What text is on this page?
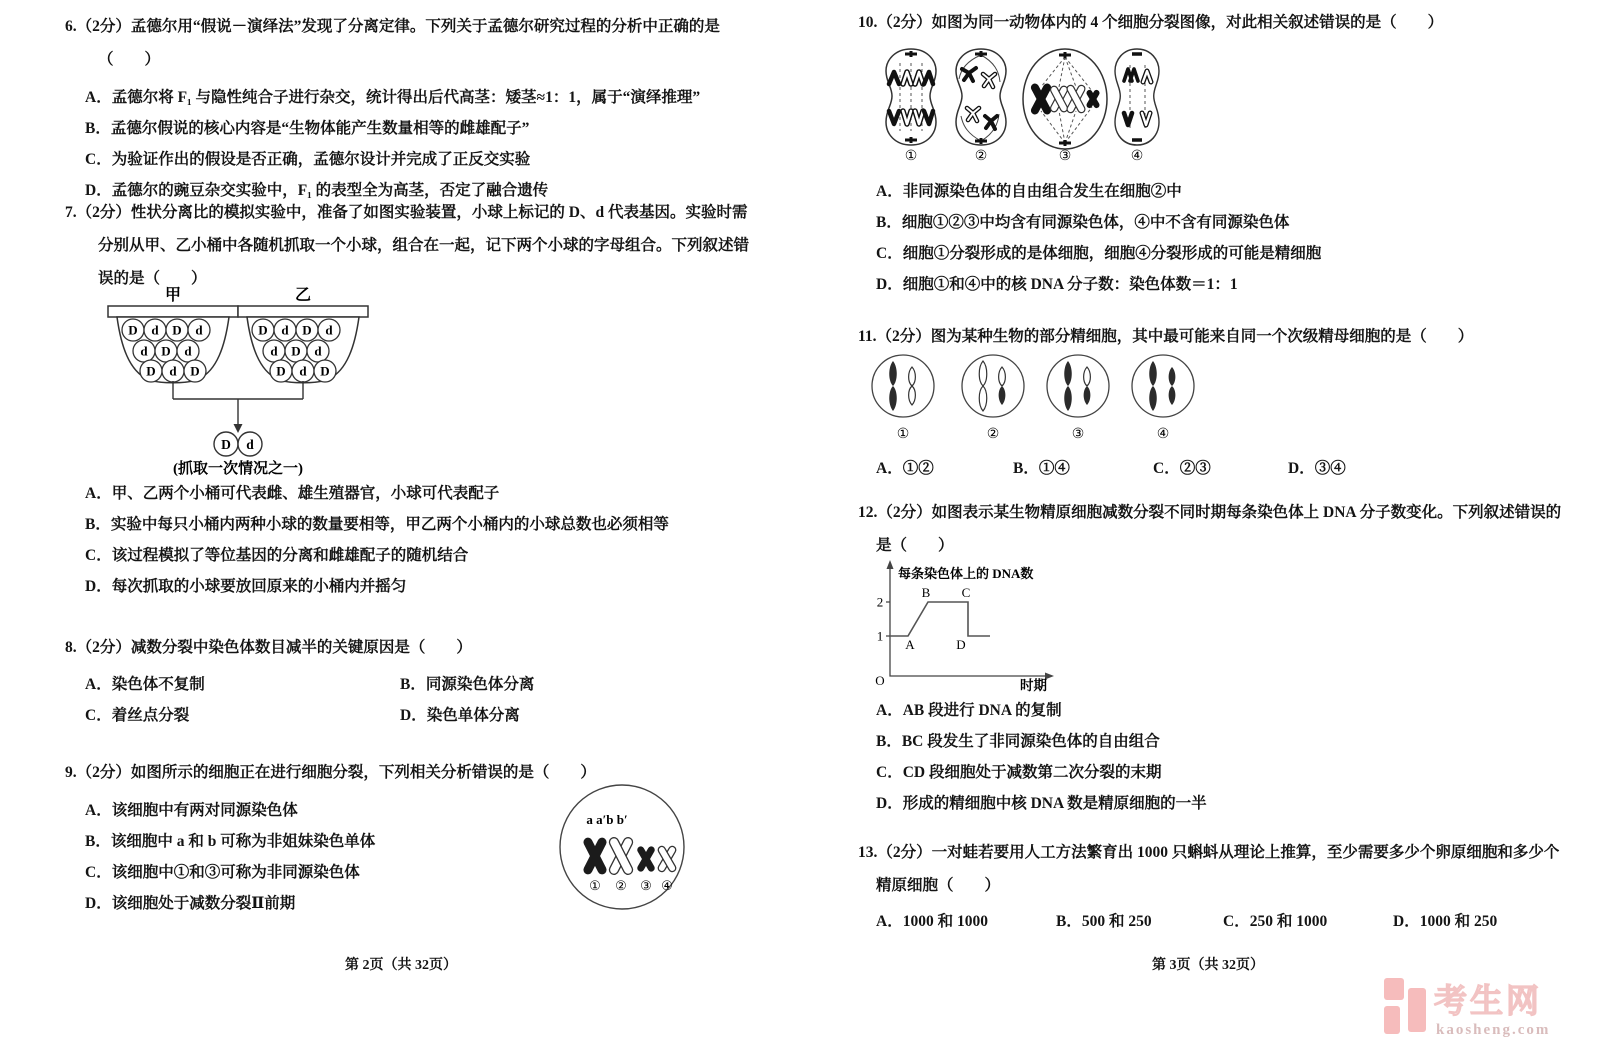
6.（2分）孟德尔用“假说－演绎法”发现了分离定律。下列关于孟德尔研究过程的分析中正确的是（　　）
A．孟德尔将 F₁ 与隐性纯合子进行杂交，统计得出后代高茎：矮茎≈1：1，属于“演绎推理”
B．孟德尔假说的核心内容是“生物体能产生数量相等的雌雄配子”
C．为验证作出的假设是否正确，孟德尔设计并完成了正反交实验
D．孟德尔的豌豆杂交实验中，F₁ 的表型全为高茎，否定了融合遗传
7.（2分）性状分离比的模拟实验中，准备了如图实验装置，小球上标记的 D、d 代表基因。实验时需分别从甲、乙小桶中各随机抓取一个小球，组合在一起，记下两个小球的字母组合。下列叙述错误的是（　　）
甲	乙
D d D d
d D d
D d D
D d D d
d D d
D d D
D d
(抓取一次情况之一)
A．甲、乙两个小桶可代表雌、雄生殖器官，小球可代表配子
B．实验中每只小桶内两种小球的数量要相等，甲乙两个小桶内的小球总数也必须相等
C．该过程模拟了等位基因的分离和雌雄配子的随机结合
D．每次抓取的小球要放回原来的小桶内并摇匀
8.（2分）减数分裂中染色体数目减半的关键原因是（　　）
A．染色体不复制	B．同源染色体分离
C．着丝点分裂	D．染色单体分离
9.（2分）如图所示的细胞正在进行细胞分裂，下列相关分析错误的是（　　）
A．该细胞中有两对同源染色体
B．该细胞中 a 和 b 可称为非姐妹染色单体
C．该细胞中①和③可称为非同源染色体
D．该细胞处于减数分裂Ⅱ前期
a a′b b′
① ② ③ ④
第 2页（共 32页）
10.（2分）如图为同一动物体内的 4 个细胞分裂图像，对此相关叙述错误的是（　　）
①	②	③	④
A．非同源染色体的自由组合发生在细胞②中
B．细胞①②③中均含有同源染色体，④中不含有同源染色体
C．细胞①分裂形成的是体细胞，细胞④分裂形成的可能是精细胞
D．细胞①和④中的核 DNA 分子数：染色体数＝1：1
11.（2分）图为某种生物的部分精细胞，其中最可能来自同一个次级精母细胞的是（　　）
①	②	③	④
A．①②	B．①④	C．②③	D．③④
12.（2分）如图表示某生物精原细胞减数分裂不同时期每条染色体上 DNA 分子数变化。下列叙述错误的是（　　）
2
1
O
每条染色体上的 DNA数
A
B C
D
时期
A．AB 段进行 DNA 的复制
B．BC 段发生了非同源染色体的自由组合
C．CD 段细胞处于减数第二次分裂的末期
D．形成的精细胞中核 DNA 数是精原细胞的一半
13.（2分）一对蛙若要用人工方法繁育出 1000 只蝌蚪从理论上推算，至少需要多少个卵原细胞和多少个精原细胞（　　）
A．1000 和 1000	B．500 和 250	C．250 和 1000	D．1000 和 250
第 3页（共 32页）
考生网
kaosheng.com
